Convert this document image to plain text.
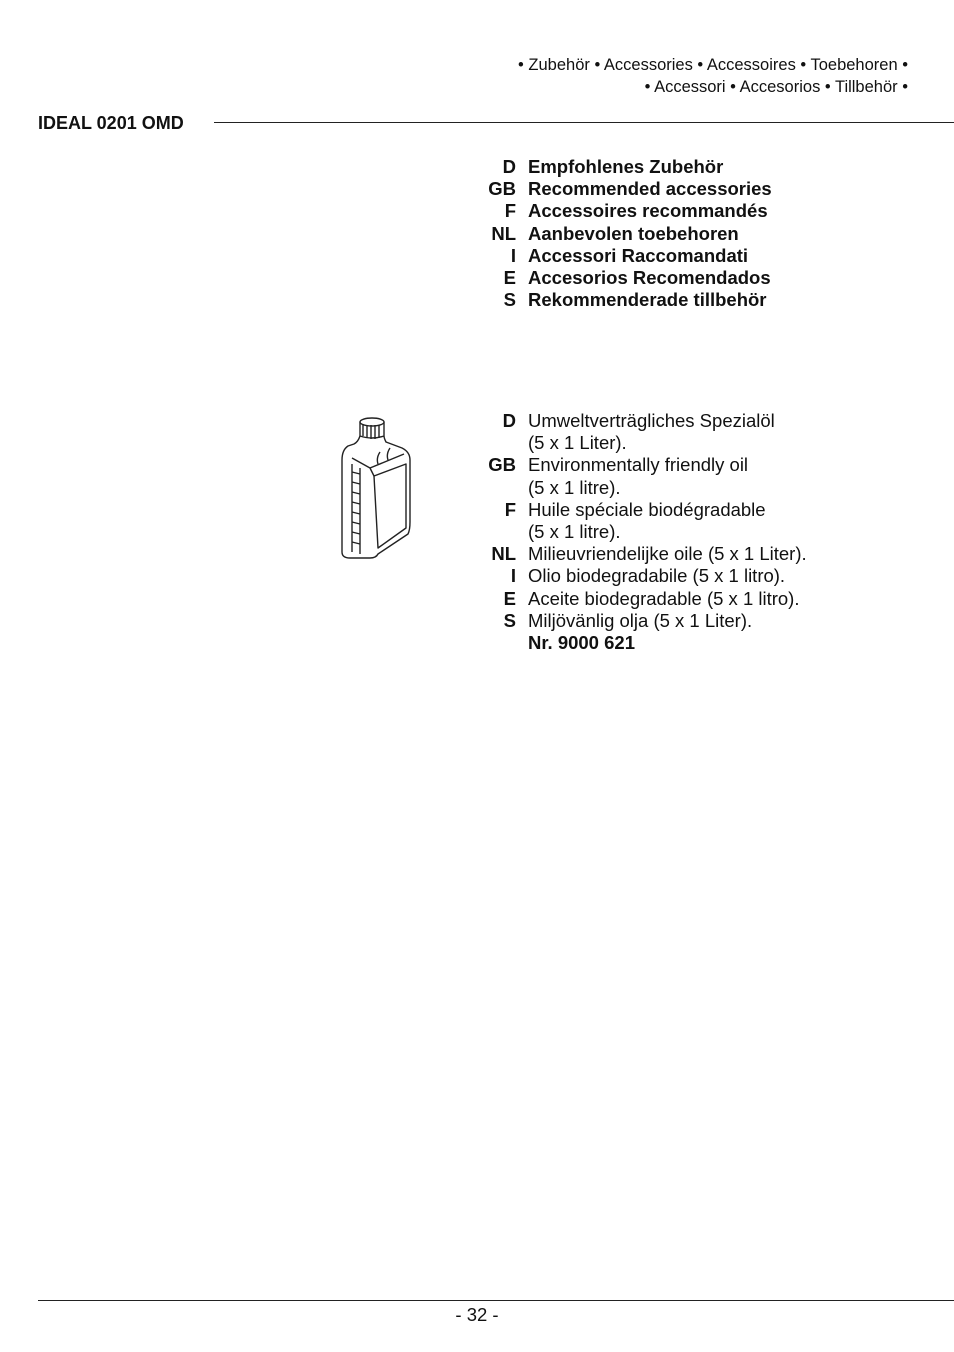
• Zubehör • Accessories • Accessoires • Toebehoren •
• Accessori • Accesorios • Tillbehör •
IDEAL 0201 OMD
D Empfohlenes Zubehör
GB Recommended accessories
F Accessoires recommandés
NL Aanbevolen toebehoren
I Accessori Raccomandati
E Accesorios Recomendados
S Rekommenderade tillbehör
D Umweltverträgliches Spezialöl
(5 x 1 Liter).
GB Environmentally friendly oil
(5 x 1 litre).
F Huile spéciale biodégradable
(5 x 1 litre).
NL Milieuvriendelijke oile (5 x 1 Liter).
I Olio biodegradabile (5 x 1 litro).
E Aceite biodegradable (5 x 1 litro).
S Miljövänlig olja (5 x 1 Liter).
Nr. 9000 621
- 32 -
